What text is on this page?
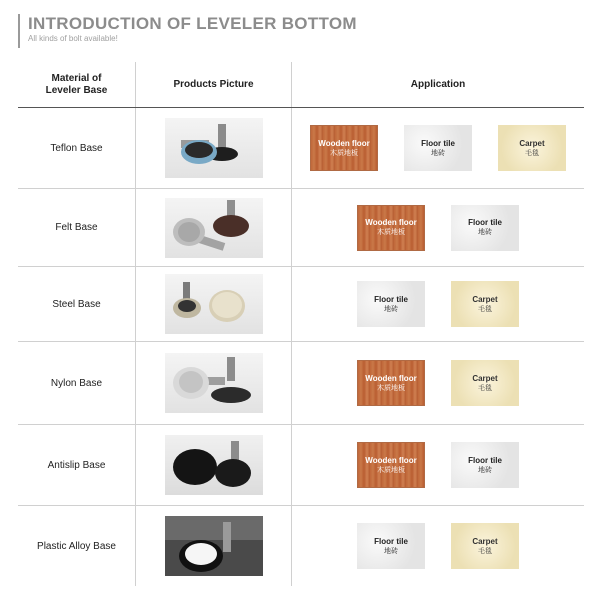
INTRODUCTION OF LEVELER BOTTOM
All kinds of bolt available!
Material of
Leveler Base
Products Picture	Application
Teflon Base	Wooden floor
木质地板
Floor tile
地砖
Carpet
毛毯
Felt Base	Wooden floor
木质地板
Floor tile
地砖
Steel Base	Floor tile
地砖
Carpet
毛毯
Nylon Base	Wooden floor
木质地板
Carpet
毛毯
Antislip Base	Wooden floor
木质地板
Floor tile
地砖
Plastic Alloy Base	Floor tile
地砖
Carpet
毛毯
